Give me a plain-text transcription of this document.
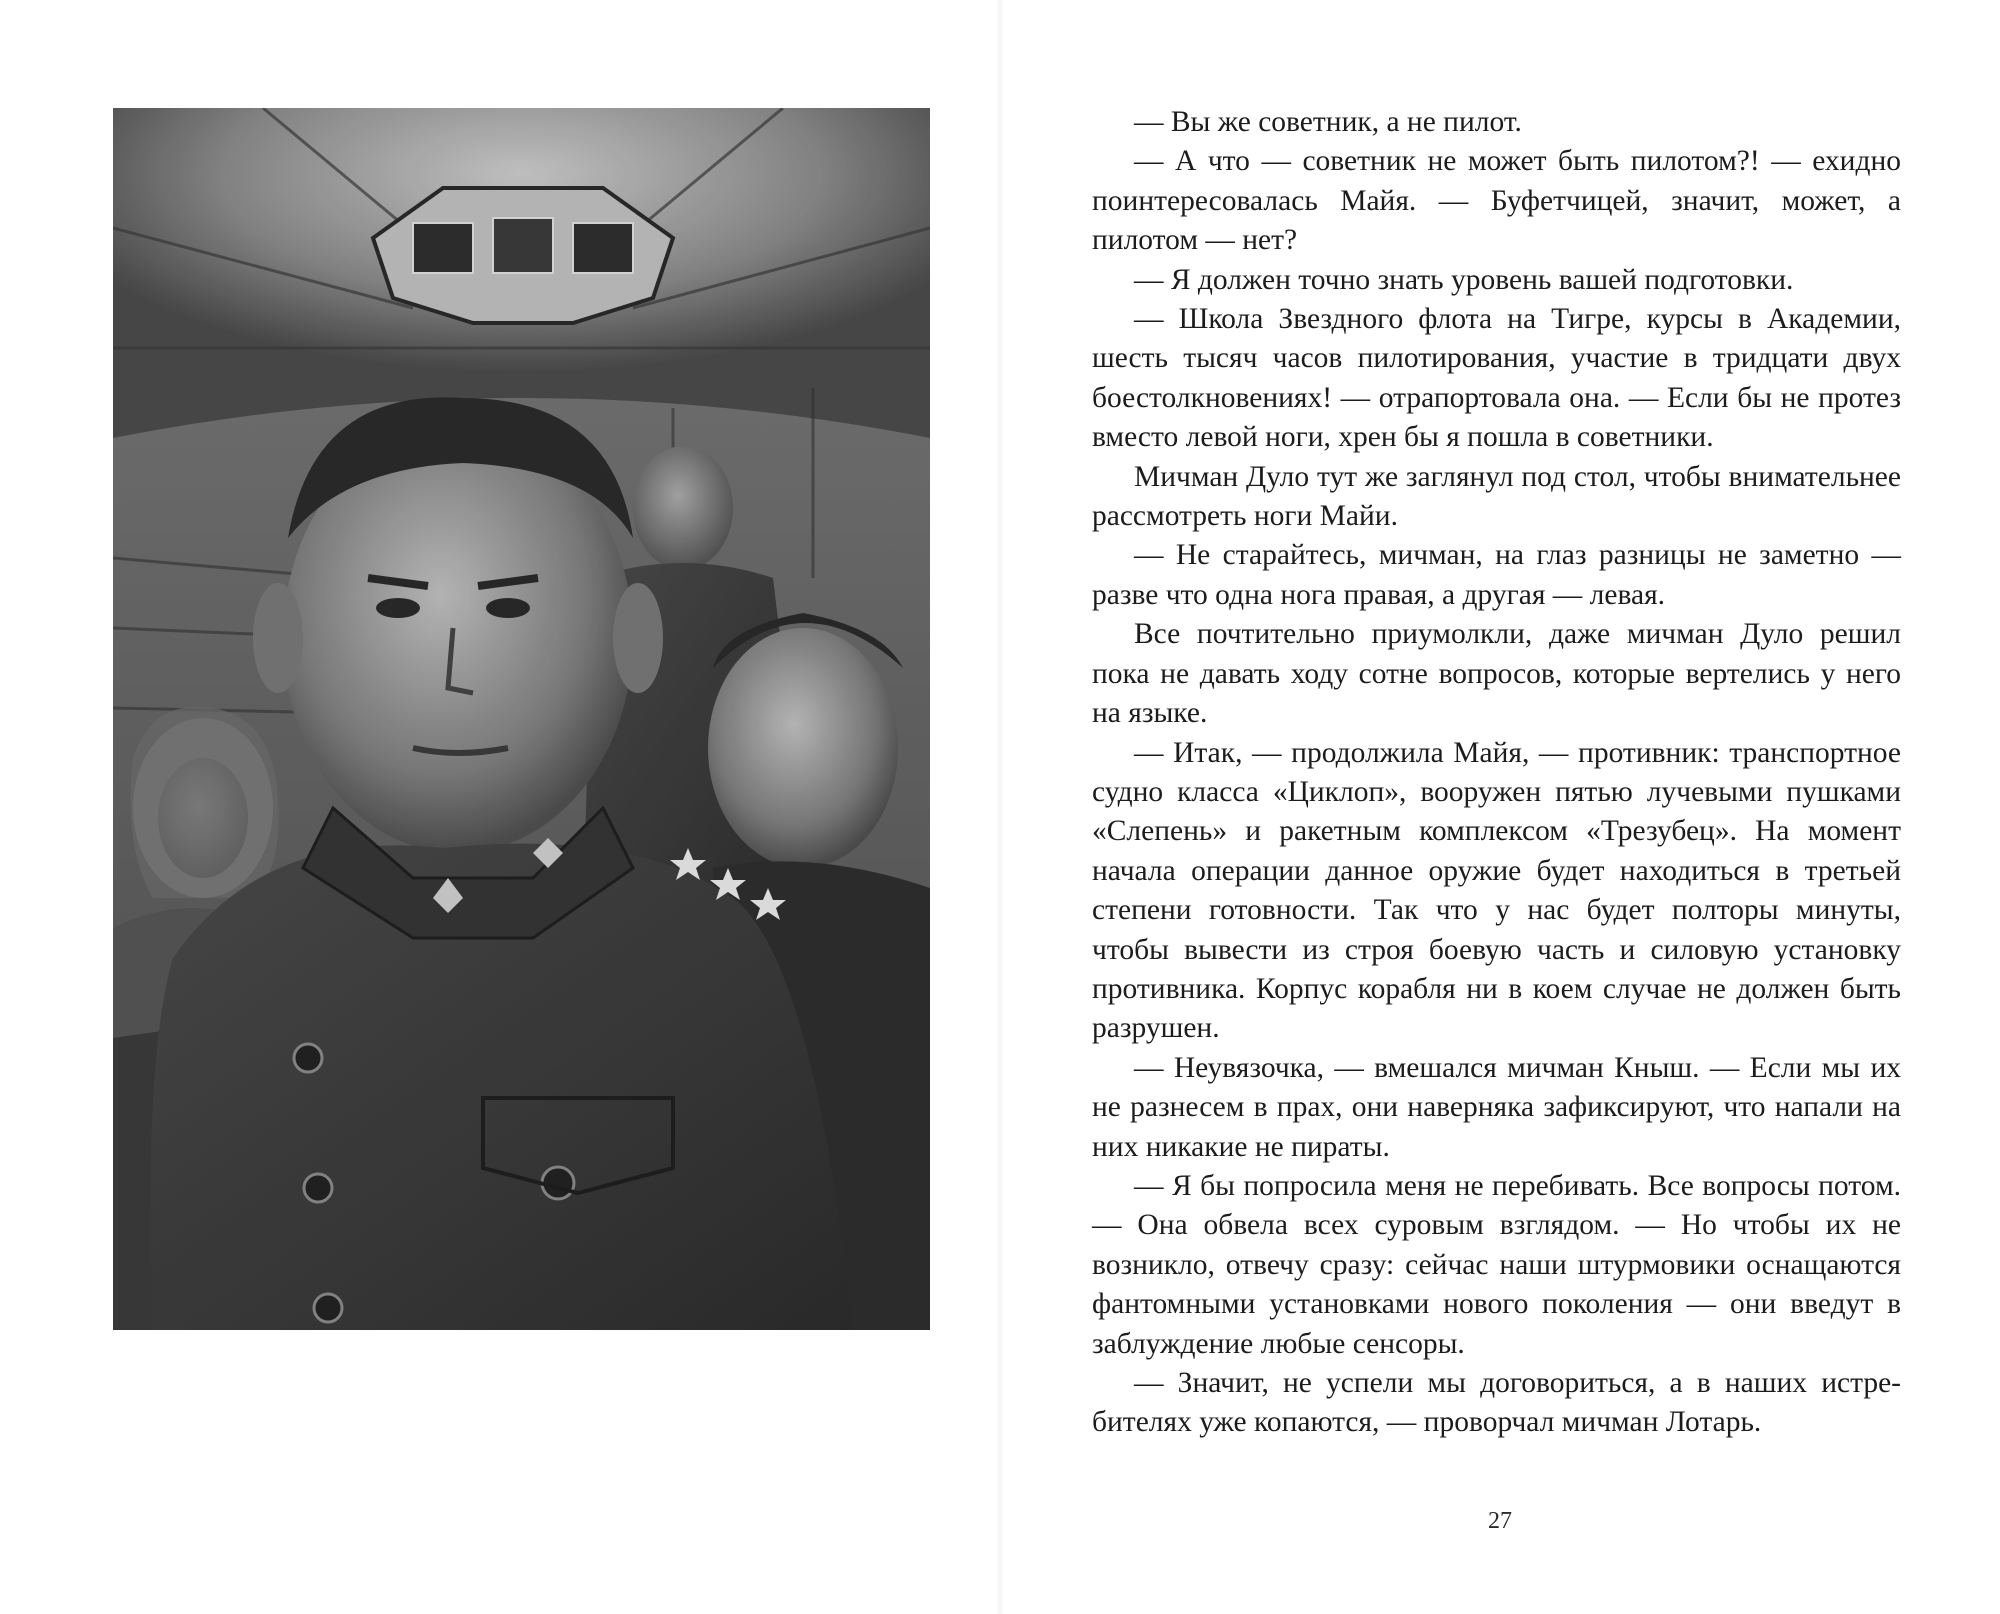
— Вы же советник, а не пилот.

— А что — советник не может быть пилотом?! — ехидно поинтересовалась Майя. — Буфетчицей, значит, может, а пилотом — нет?

— Я должен точно знать уровень вашей подготовки.

— Школа Звездного флота на Тигре, курсы в Академии, шесть тысяч часов пилотирования, участие в тридцати двух боестолкновениях! — отрапортовала она. — Если бы не протез вместо левой ноги, хрен бы я пошла в советники.

Мичман Дуло тут же заглянул под стол, чтобы внимательнее рассмотреть ноги Майи.

— Не старайтесь, мичман, на глаз разницы не заметно — разве что одна нога правая, а другая — левая.

Все почтительно приумолкли, даже мичман Дуло решил пока не давать ходу сотне вопросов, которые вертелись у него на языке.

— Итак, — продолжила Майя, — противник: транспортное судно класса «Циклоп», вооружен пятью лучевыми пушками «Слепень» и ракетным комплексом «Трезубец». На момент начала операции данное оружие будет находиться в третьей степени готовности. Так что у нас будет полторы минуты, чтобы вывести из строя боевую часть и силовую установку противника. Корпус корабля ни в коем случае не должен быть разрушен.

— Неувязочка, — вмешался мичман Кныш. — Если мы их не разнесем в прах, они наверняка зафиксируют, что напали на них никакие не пираты.

— Я бы попросила меня не перебивать. Все вопросы потом. — Она обвела всех суровым взглядом. — Но чтобы их не возникло, отвечу сразу: сейчас наши штурмовики оснащаются фантомными установками нового поколения — они введут в заблуждение любые сенсоры.

— Значит, не успели мы договориться, а в наших истребителях уже копаются, — проворчал мичман Лотарь.

27
